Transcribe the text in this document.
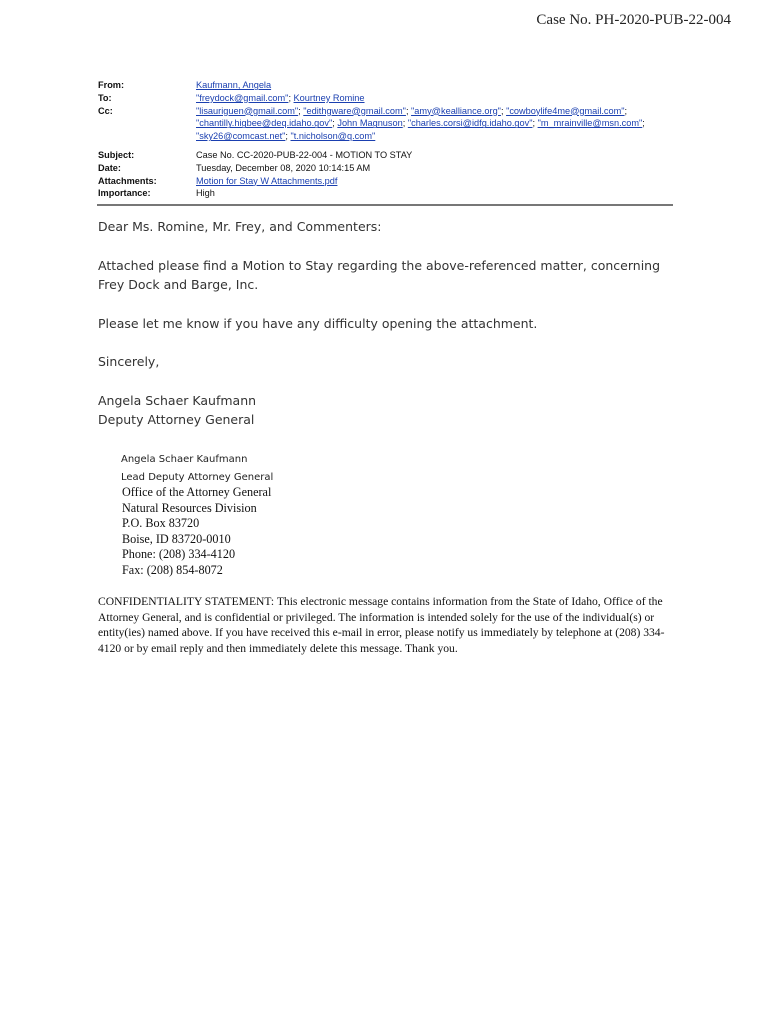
Case No. PH-2020-PUB-22-004
From:	Kaufmann, Angela
To:	"freydock@gmail.com"; Kourtney Romine
Cc:	"lisauriguen@gmail.com"; "edithgware@gmail.com"; "amy@kealliance.org"; "cowboylife4me@gmail.com";
"chantilly.higbee@deq.idaho.gov"; John Magnuson; "charles.corsi@idfg.idaho.gov"; "m_mrainville@msn.com";
"sky26@comcast.net"; "t.nicholson@q.com"
Subject:	Case No. CC-2020-PUB-22-004 - MOTION TO STAY
Date:	Tuesday, December 08, 2020 10:14:15 AM
Attachments:	Motion for Stay W Attachments.pdf
Importance:	High

Dear Ms. Romine, Mr. Frey, and Commenters:

Attached please find a Motion to Stay regarding the above-referenced matter, concerning Frey Dock and Barge, Inc.

Please let me know if you have any difficulty opening the attachment.

Sincerely,

Angela Schaer Kaufmann

Deputy Attorney General

Angela Schaer Kaufmann
Lead Deputy Attorney General
Office of the Attorney General
Natural Resources Division
P.O. Box 83720
Boise, ID 83720-0010
Phone: (208) 334-4120
Fax: (208) 854-8072
CONFIDENTIALITY STATEMENT: This electronic message contains information from the State of Idaho, Office of the Attorney General, and is confidential or privileged. The information is intended solely for the use of the individual(s) or entity(ies) named above. If you have received this e-mail in error, please notify us immediately by telephone at (208) 334-4120 or by email reply and then immediately delete this message. Thank you.
